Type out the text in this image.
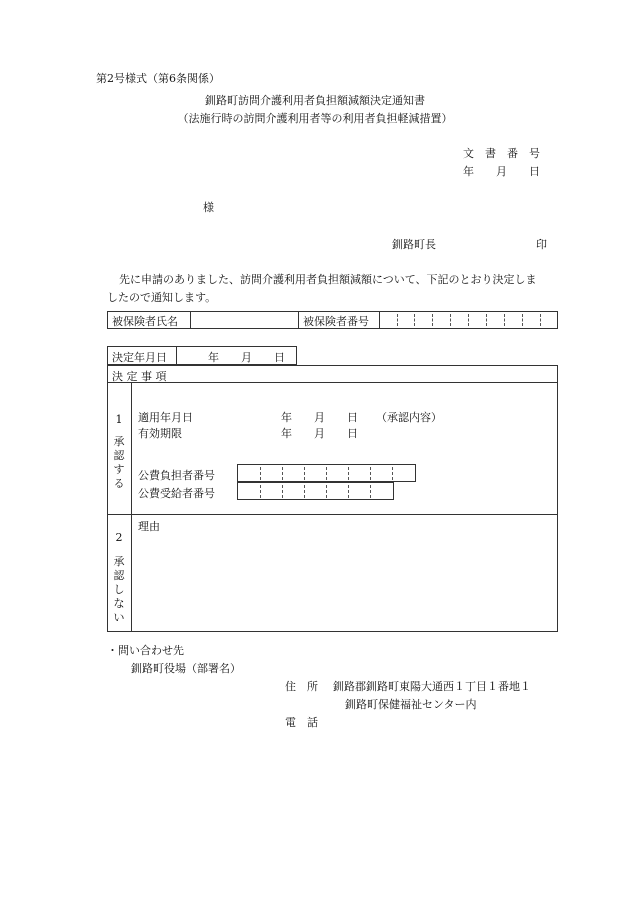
第2号様式（第6条関係）
釧路町訪問介護利用者負担額減額決定通知書
（法施行時の訪問介護利用者等の利用者負担軽減措置）
文　書　番　号
年　　月　　日
様
釧路町長	印
先に申請のありました、訪問介護利用者負担額減額について、下記のとおり決定しま
したので通知します。
被保険者氏名	被保険者番号
決定年月日	年　　月　　日
決 定 事 項
1
承認する
適用年月日	年　　月　　日 （承認内容）
有効期限	年　　月　　日
公費負担者番号
公費受給者番号
2
承認しない
理由
・問い合わせ先
釧路町役場（部署名）
住　所 釧路郡釧路町東陽大通西１丁目１番地１
釧路町保健福祉センター内
電　話
